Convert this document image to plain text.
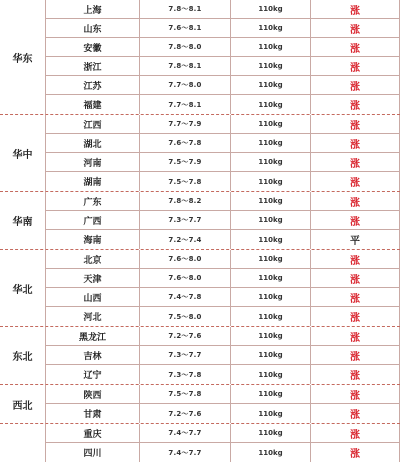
华东
上海	7.8～8.1	110kg	涨
山东	7.6～8.1	110kg	涨
安徽	7.8～8.0	110kg	涨
浙江	7.8～8.1	110kg	涨
江苏	7.7～8.0	110kg	涨
福建	7.7～8.1	110kg	涨
华中
江西	7.7～7.9	110kg	涨
湖北	7.6～7.8	110kg	涨
河南	7.5～7.9	110kg	涨
湖南	7.5～7.8	110kg	涨
华南
广东	7.8～8.2	110kg	涨
广西	7.3～7.7	110kg	涨
海南	7.2～7.4	110kg	平
华北
北京	7.6～8.0	110kg	涨
天津	7.6～8.0	110kg	涨
山西	7.4～7.8	110kg	涨
河北	7.5～8.0	110kg	涨
东北
黑龙江	7.2～7.6	110kg	涨
吉林	7.3～7.7	110kg	涨
辽宁	7.3～7.8	110kg	涨
西北
陕西	7.5～7.8	110kg	涨
甘肃	7.2～7.6	110kg	涨
重庆	7.4～7.7	110kg	涨
四川	7.4～7.7	110kg	涨
